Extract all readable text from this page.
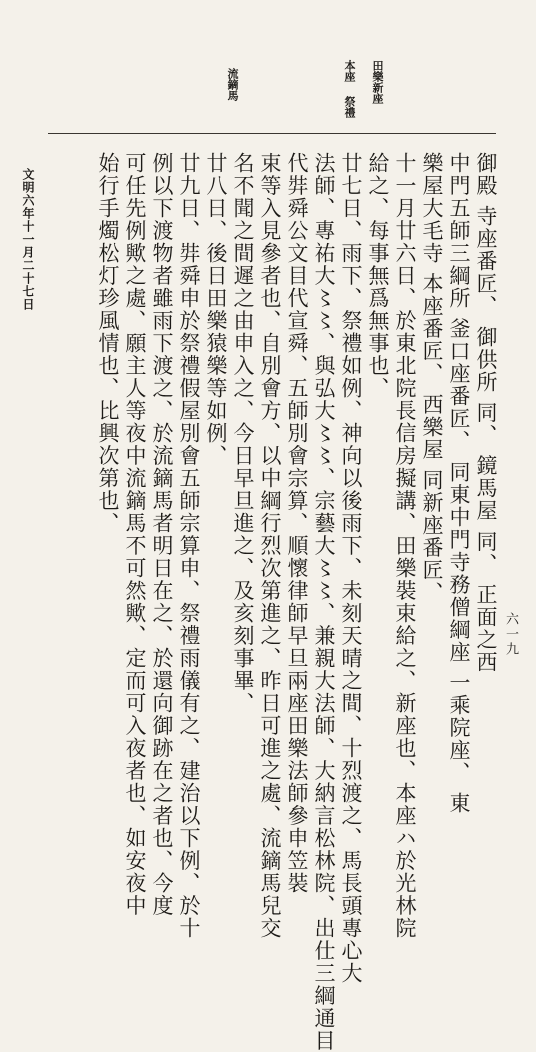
田樂新座
本座
祭禮
流鏑馬
御殿 寺座番匠、 御供所 同、 鏡馬屋 同、 正面之西
中門五師三綱所 釜口座番匠、 同東中門寺務僧綱座 一乘院座、 東
樂屋大毛寺 本座番匠、 西樂屋 同新座番匠、
十一月廿六日、於東北院長信房擬講、田樂裝束給之、新座也、本座ハ於光林院
給之、每事無爲無事也、
廿七日、雨下、祭禮如例、神向以後雨下、未刻天晴之間、十烈渡之、馬長頭專心大
法師、專祐大〻〻、與弘大〻〻、宗藝大〻〻、兼親大法師、大納言松林院、出仕三綱通目
代弉舜公文目代宣舜、五師別會宗算、順懷律師早旦兩座田樂法師參申笠裝
束等入見參者也、自別會方、以中綱行烈次第進之、昨日可進之處、流鏑馬兒交
名不聞之間遲之由申入之、今日早旦進之、及亥刻事畢、
廿八日、後日田樂猿樂等如例、
廿九日、弉舜申於祭禮假屋別會五師宗算申、祭禮雨儀有之、建治以下例、於十
例以下渡物者雖雨下渡之、於流鏑馬者明日在之、於還向御跡在之者也、今度
可任先例歟之處、願主人等夜中流鏑馬不可然歟、定而可入夜者也、如安夜中
始行手燭松灯珍風情也、比興次第也、
文明六年十一月二十七日
六一九
